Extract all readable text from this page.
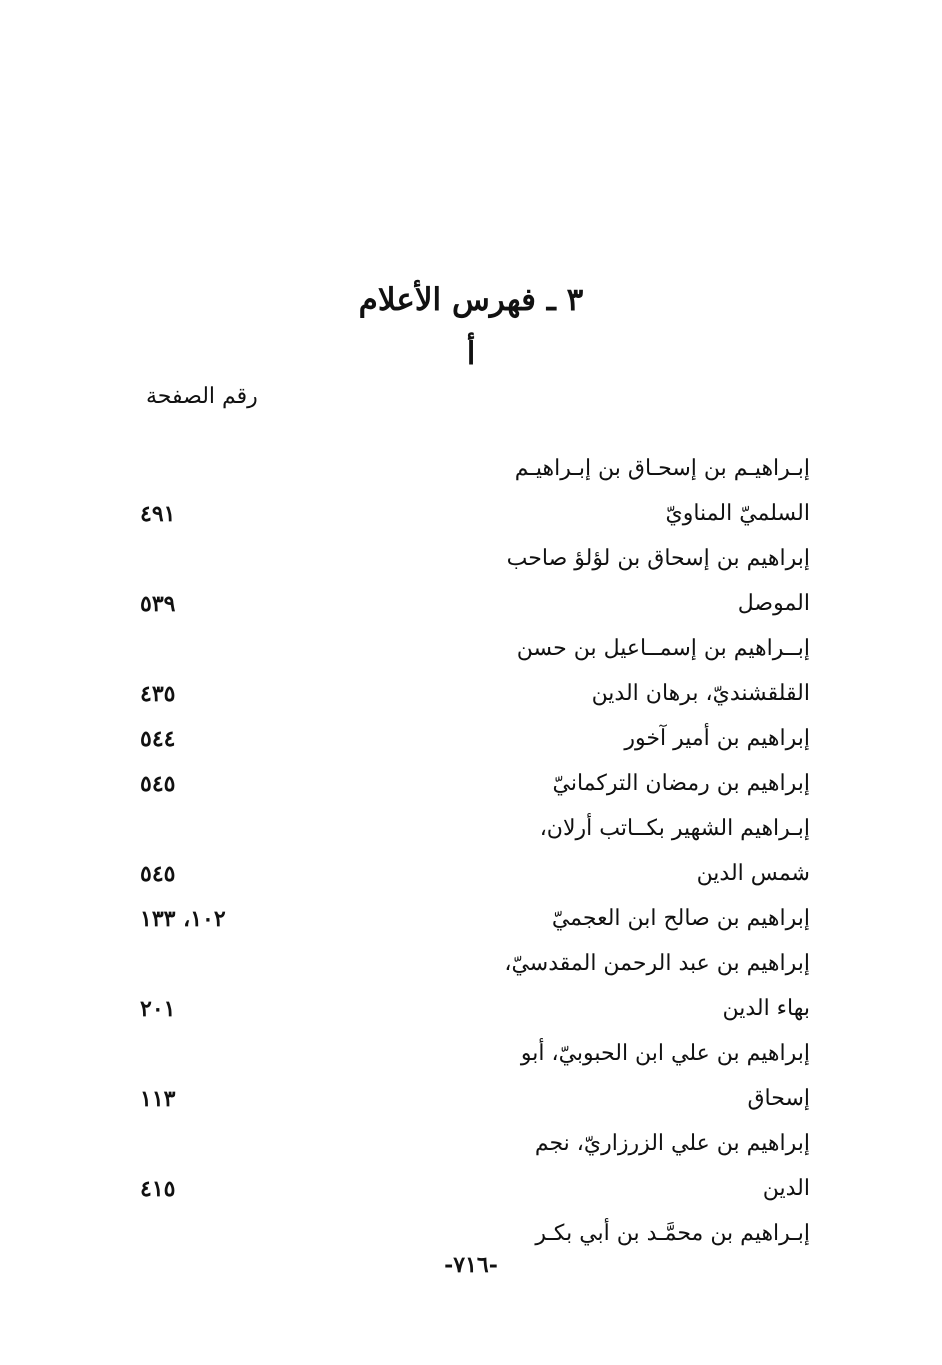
٣ ـ فهرس الأعلام
أ
رقم الصفحة
إبـراهيـم بن إسحـاق بن إبـراهيـم
السلميّ المناويّ
٤٩١
إبراهيم بن إسحاق بن لؤلؤ صاحب
الموصل
٥٣٩
إبــراهيم بن إسمــاعيل بن حسن
القلقشنديّ، برهان الدين
٤٣٥
إبراهيم بن أمير آخور
٥٤٤
إبراهيم بن رمضان التركمانيّ
٥٤٥
إبـراهيم الشهير بكــاتب أرلان،
شمس الدين
٥٤٥
إبراهيم بن صالح ابن العجميّ
١٠٢، ١٣٣
إبراهيم بن عبد الرحمن المقدسيّ،
بهاء الدين
٢٠١
إبراهيم بن علي ابن الحبوبيّ، أبو
إسحاق
١١٣
إبراهيم بن علي الزرزاريّ، نجم
الدين
٤١٥
إبـراهيم بن محمَّـد بن أبي بكـر
-٧١٦-
